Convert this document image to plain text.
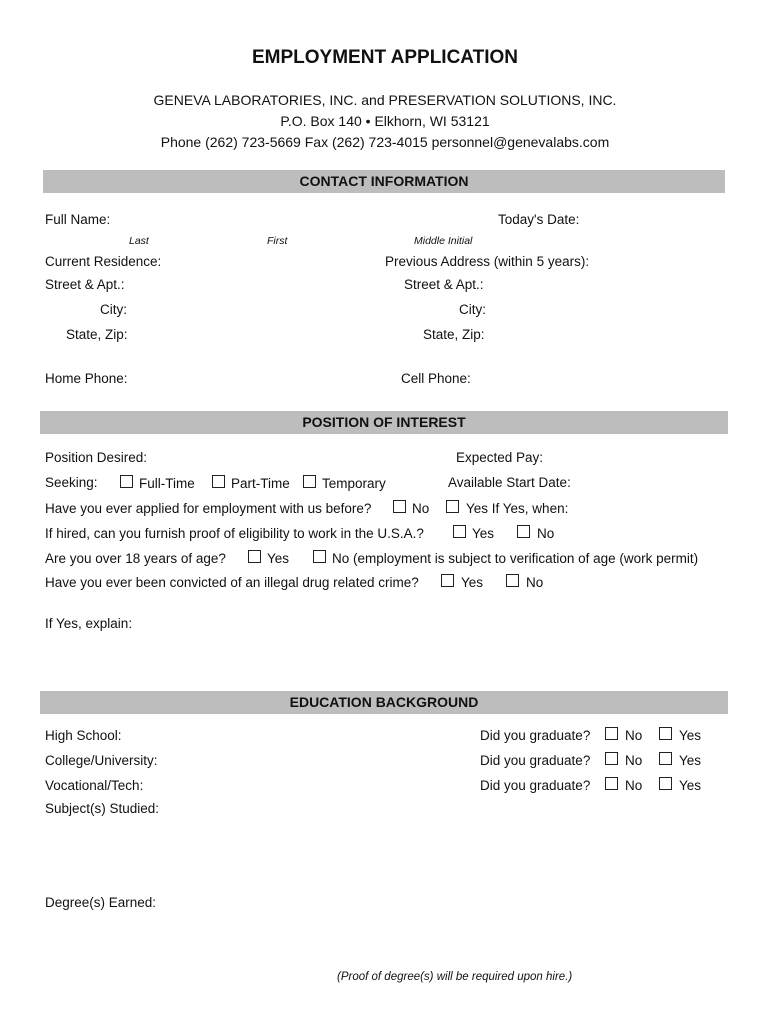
EMPLOYMENT APPLICATION
GENEVA LABORATORIES, INC. and PRESERVATION SOLUTIONS, INC.
P.O. Box 140 • Elkhorn, WI 53121
Phone (262) 723-5669 Fax (262) 723-4015 personnel@genevalabs.com
CONTACT INFORMATION
Full Name:	Today's Date:
Last	First	Middle Initial
Current Residence:	Previous Address (within 5 years):
Street & Apt.:	Street & Apt.:
City:	City:
State, Zip:	State, Zip:
Home Phone:	Cell Phone:
POSITION OF INTEREST
Position Desired:	Expected Pay:
Seeking:	Full-Time	Part-Time Temporary	Available Start Date:
Have you ever applied for employment with us before?	No	Yes If Yes, when:
If hired, can you furnish proof of eligibility to work in the U.S.A.?	Yes	No
Are you over 18 years of age?	Yes	No (employment is subject to verification of age (work permit)
Have you ever been convicted of an illegal drug related crime?	Yes	No
If Yes, explain:
EDUCATION BACKGROUND
High School:	Did you graduate?	No	Yes
College/University:	Did you graduate?	No	Yes
Vocational/Tech:	Did you graduate?	No	Yes
Subject(s) Studied:
Degree(s) Earned:
(Proof of degree(s) will be required upon hire.)
